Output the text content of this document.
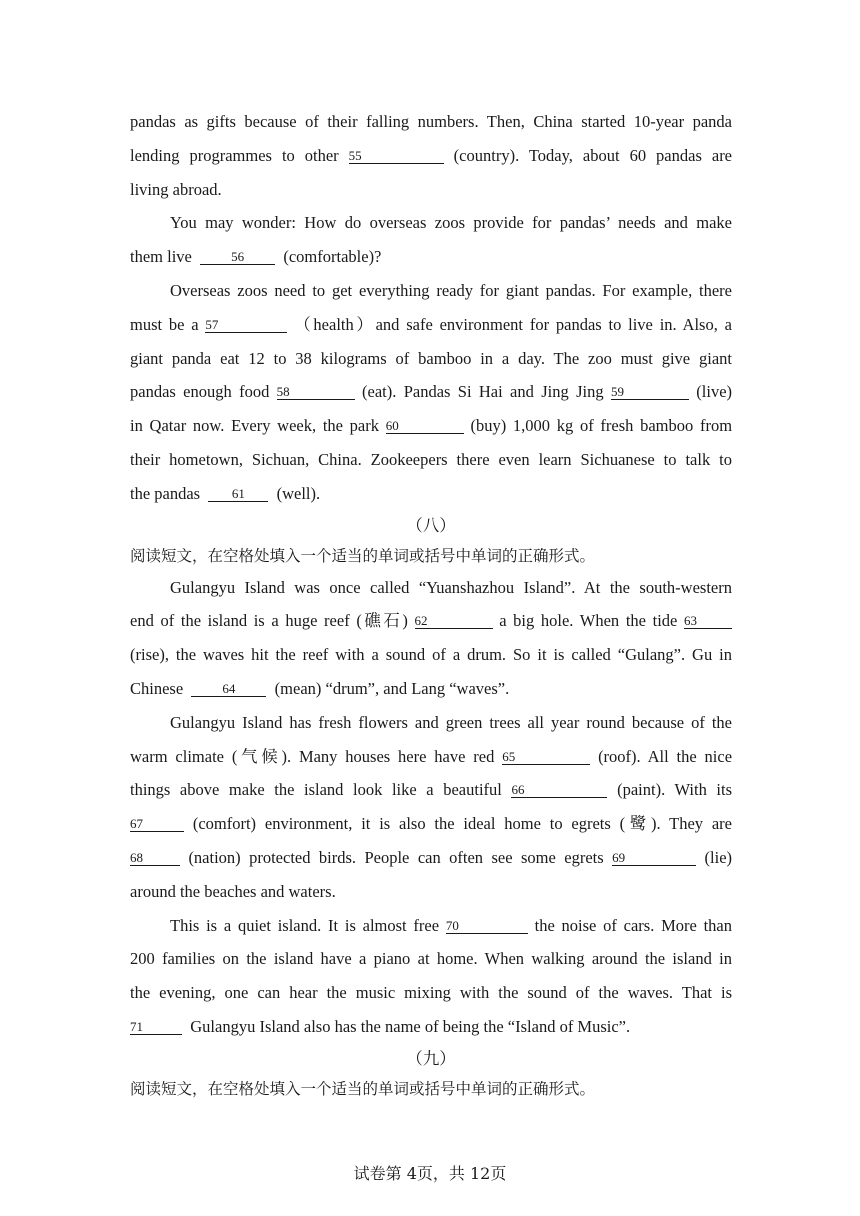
pandas as gifts because of their falling numbers. Then, China started 10-year panda
lending programmes to other 55	(country). Today, about 60 pandas are
living abroad.
You may wonder: How do overseas zoos provide for pandas’ needs and make
them live	56 (comfortable)?
Overseas zoos need to get everything ready for giant pandas. For example, there
must be a 57	（health）and safe environment for pandas to live in. Also, a
giant panda eat 12 to 38 kilograms of bamboo in a day. The zoo must give giant
pandas enough food 58	(eat). Pandas Si Hai and Jing Jing 59	(live)
in Qatar now. Every week, the park 60	(buy) 1,000 kg of fresh bamboo from
their hometown, Sichuan, China. Zookeepers there even learn Sichuanese to talk to
the pandas 61 (well).
（八）
阅读短文，在空格处填入一个适当的单词或括号中单词的正确形式。
Gulangyu Island was once called “Yuanshazhou Island”. At the south-western
end of the island is a huge reef (礁石) 62	a big hole. When the tide 63
(rise), the waves hit the reef with a sound of a drum. So it is called “Gulang”. Gu in
Chinese	64 (mean) “drum”, and Lang “waves”.
Gulangyu Island has fresh flowers and green trees all year round because of the
warm climate (气候). Many houses here have red 65	(roof). All the nice
things above make the island look like a beautiful 66	(paint). With its
67	(comfort) environment, it is also the ideal home to egrets (鹭). They are
68	(nation) protected birds. People can often see some egrets 69	(lie)
around the beaches and waters.
This is a quiet island. It is almost free 70	the noise of cars. More than
200 families on the island have a piano at home. When walking around the island in
the evening, one can hear the music mixing with the sound of the waves. That is
71	Gulangyu Island also has the name of being the “Island of Music”.
（九）
阅读短文，在空格处填入一个适当的单词或括号中单词的正确形式。
试卷第 4页，共 12页
